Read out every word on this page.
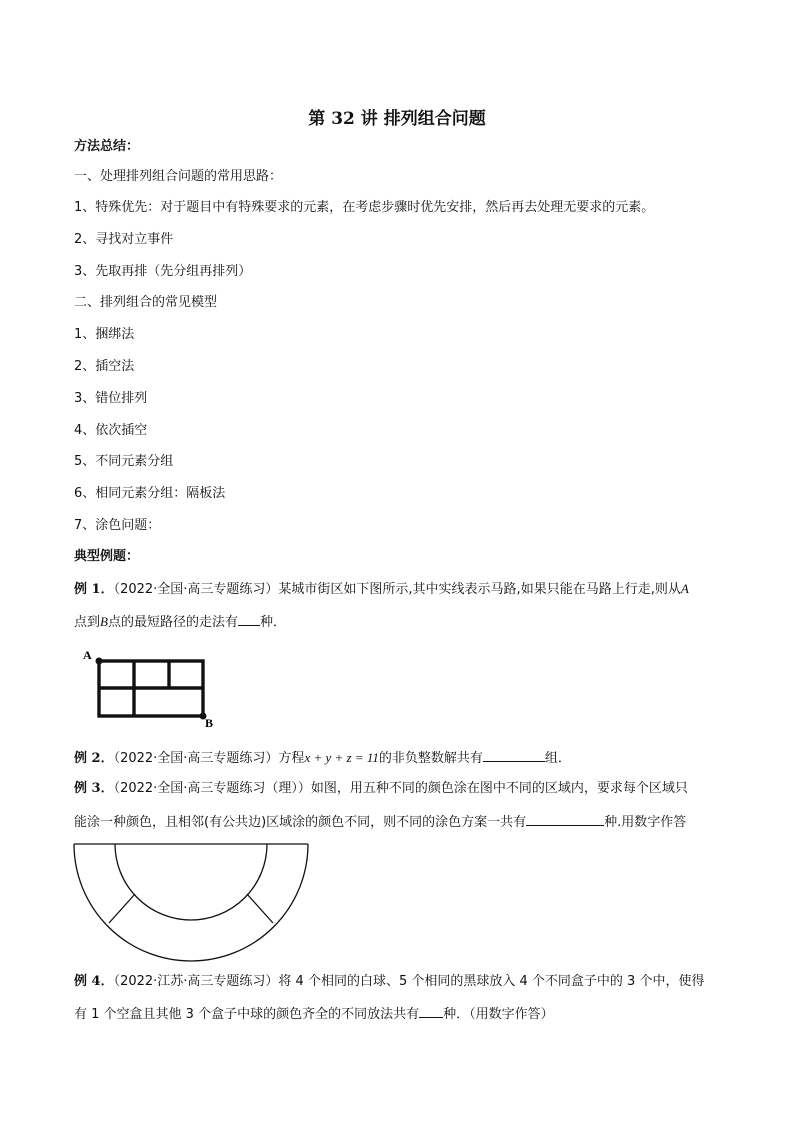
第 32 讲 排列组合问题
方法总结：
一、处理排列组合问题的常用思路：
1、特殊优先：对于题目中有特殊要求的元素，在考虑步骤时优先安排，然后再去处理无要求的元素。
2、寻找对立事件
3、先取再排（先分组再排列）
二、排列组合的常见模型
1、捆绑法
2、插空法
3、错位排列
4、依次插空
5、不同元素分组
6、相同元素分组：隔板法
7、涂色问题：
典型例题：
例 1．（2022·全国·高三专题练习）某城市街区如下图所示,其中实线表示马路,如果只能在马路上行走,则从A
点到B点的最短路径的走法有 种．
A
B
例 2．（2022·全国·高三专题练习）方程x + y + z = 11的非负整数解共有	组．
例 3．（2022·全国·高三专题练习（理））如图，用五种不同的颜色涂在图中不同的区域内，要求每个区域只
能涂一种颜色，且相邻(有公共边)区域涂的颜色不同，则不同的涂色方案一共有	种.用数字作答
例 4．（2022·江苏·高三专题练习）将 4 个相同的白球、5 个相同的黑球放入 4 个不同盒子中的 3 个中，使得
有 1 个空盒且其他 3 个盒子中球的颜色齐全的不同放法共有 种．（用数字作答）
